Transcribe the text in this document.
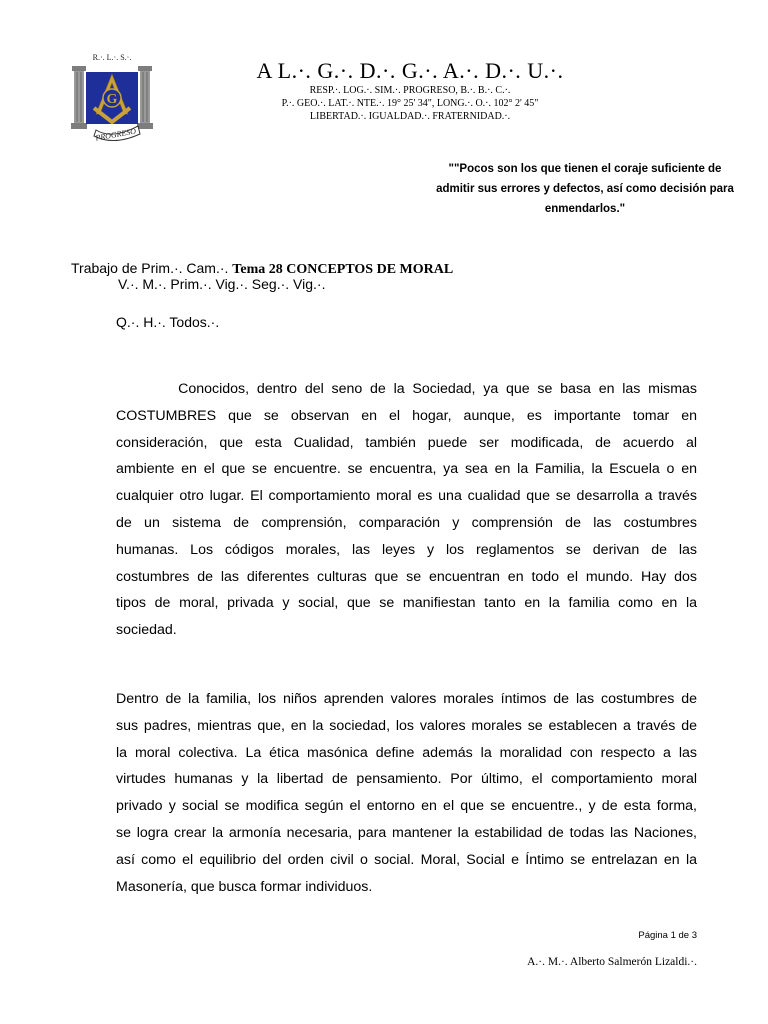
R.·. L.·. S.·.
G
PROGRESO
A L.·. G.·. D.·. G.·. A.·. D.·. U.·.
RESP.·. LOG.·. SIM.·. PROGRESO, B.·. B.·. C.·.
P.·. GEO.·. LAT.·. NTE.·. 19° 25' 34", LONG.·. O.·. 102° 2' 45"
LIBERTAD.·. IGUALDAD.·. FRATERNIDAD.·.
""Pocos son los que tienen el coraje suficiente de
admitir sus errores y defectos, así como decisión para
enmendarlos."
Trabajo de Prim.·. Cam.·. Tema 28 CONCEPTOS DE MORAL
V.·. M.·. Prim.·. Vig.·. Seg.·. Vig.·.
Q.·. H.·. Todos.·.
Conocidos, dentro del seno de la Sociedad, ya que se basa en las mismas
COSTUMBRES que se observan en el hogar, aunque, es importante tomar en
consideración, que esta Cualidad, también puede ser modificada, de acuerdo al
ambiente en el que se encuentre. se encuentra, ya sea en la Familia, la Escuela o en
cualquier otro lugar. El comportamiento moral es una cualidad que se desarrolla a través
de un sistema de comprensión, comparación y comprensión de las costumbres
humanas. Los códigos morales, las leyes y los reglamentos se derivan de las
costumbres de las diferentes culturas que se encuentran en todo el mundo. Hay dos
tipos de moral, privada y social, que se manifiestan tanto en la familia como en la
sociedad.
Dentro de la familia, los niños aprenden valores morales íntimos de las costumbres de
sus padres, mientras que, en la sociedad, los valores morales se establecen a través de
la moral colectiva. La ética masónica define además la moralidad con respecto a las
virtudes humanas y la libertad de pensamiento. Por último, el comportamiento moral
privado y social se modifica según el entorno en el que se encuentre., y de esta forma,
se logra crear la armonía necesaria, para mantener la estabilidad de todas las Naciones,
así como el equilibrio del orden civil o social. Moral, Social e Íntimo se entrelazan en la
Masonería, que busca formar individuos.
Página 1 de 3
A.·. M.·. Alberto Salmerón Lizaldi.·.
